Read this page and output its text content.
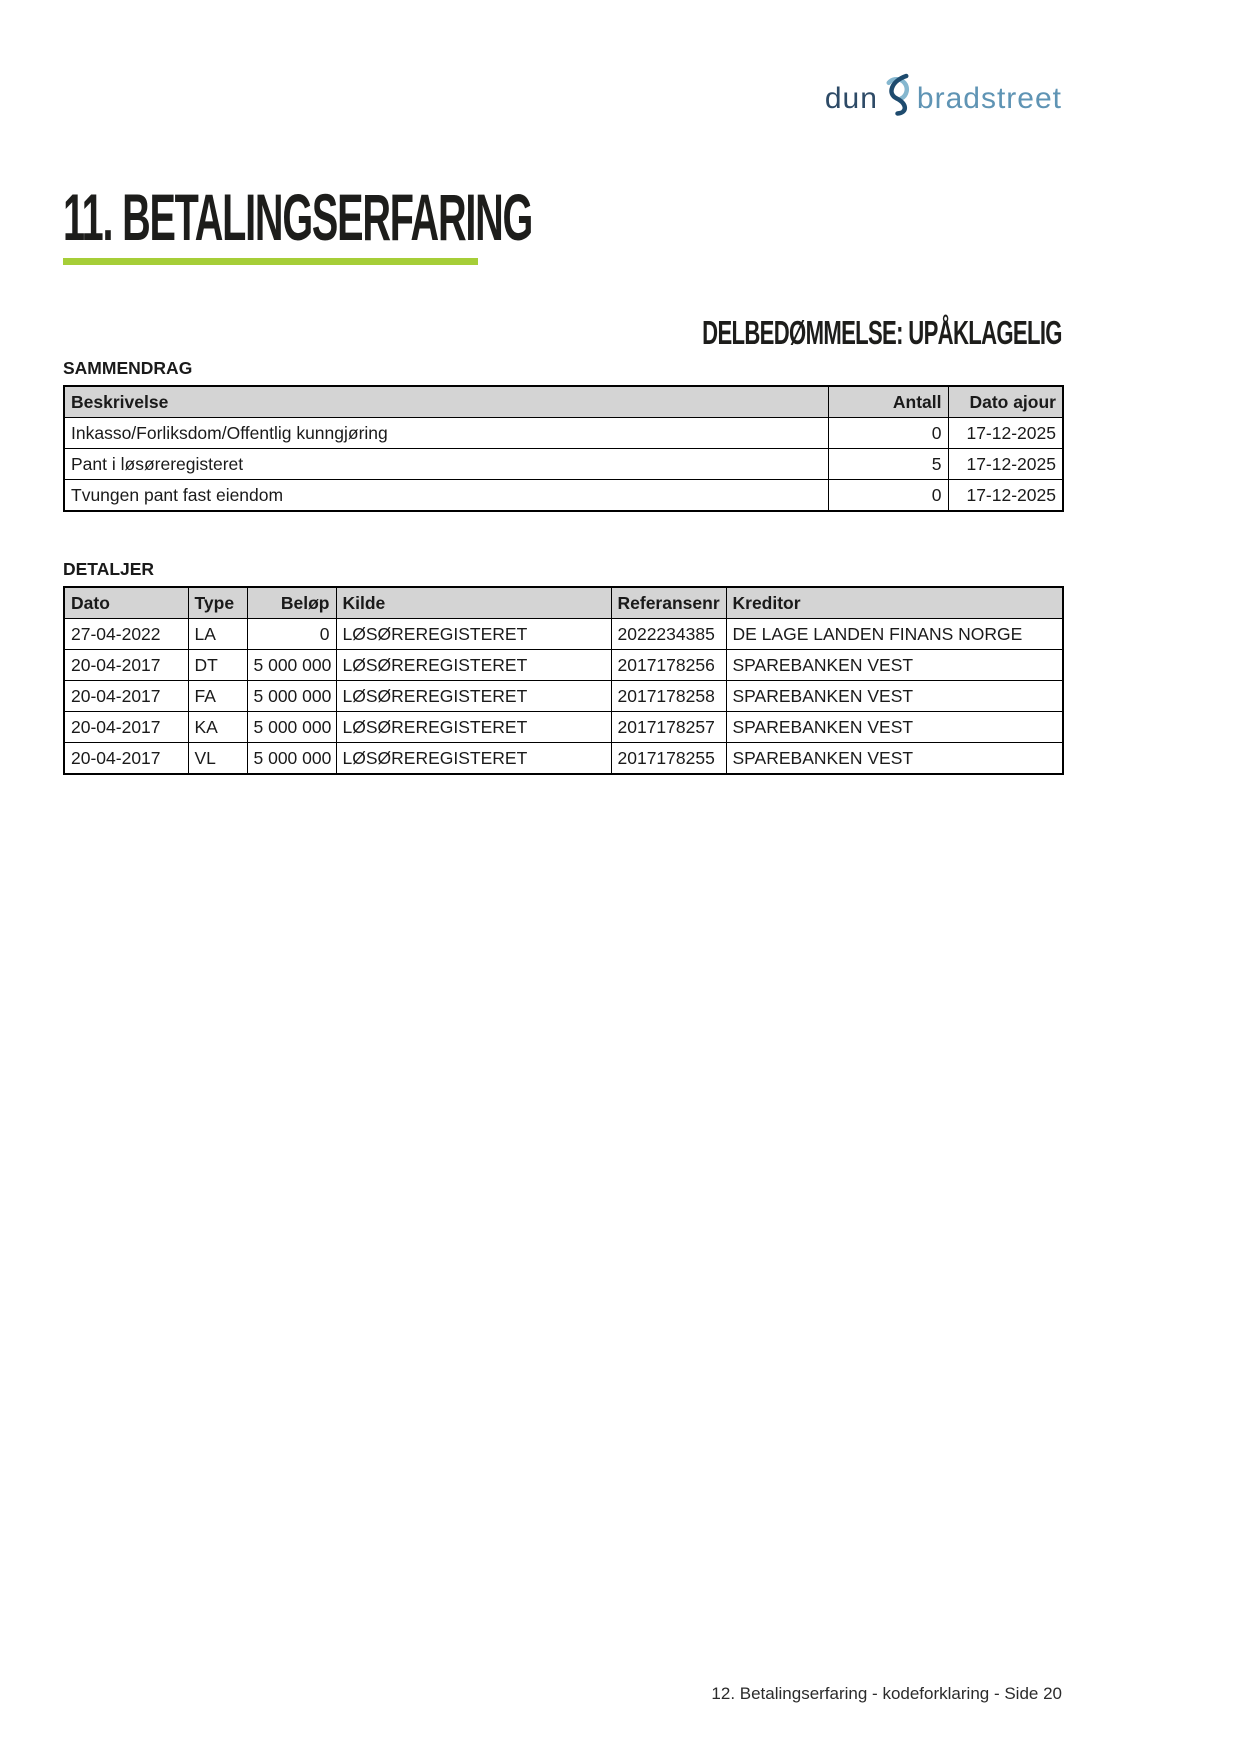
dun bradstreet
11. BETALINGSERFARING

DELBEDØMMELSE: UPÅKLAGELIG

SAMMENDRAG
Beskrivelse	Antall	Dato ajour
Inkasso/Forliksdom/Offentlig kunngjøring	0	17-12-2025
Pant i løsøreregisteret	5	17-12-2025
Tvungen pant fast eiendom	0	17-12-2025
DETALJER
Dato	Type	Beløp	Kilde	Referansenr	Kreditor
27-04-2022	LA	0	LØSØREREGISTERET	2022234385	DE LAGE LANDEN FINANS NORGE
20-04-2017	DT	5 000 000	LØSØREREGISTERET	2017178256	SPAREBANKEN VEST
20-04-2017	FA	5 000 000	LØSØREREGISTERET	2017178258	SPAREBANKEN VEST
20-04-2017	KA	5 000 000	LØSØREREGISTERET	2017178257	SPAREBANKEN VEST
20-04-2017	VL	5 000 000	LØSØREREGISTERET	2017178255	SPAREBANKEN VEST
12. Betalingserfaring - kodeforklaring - Side 20
